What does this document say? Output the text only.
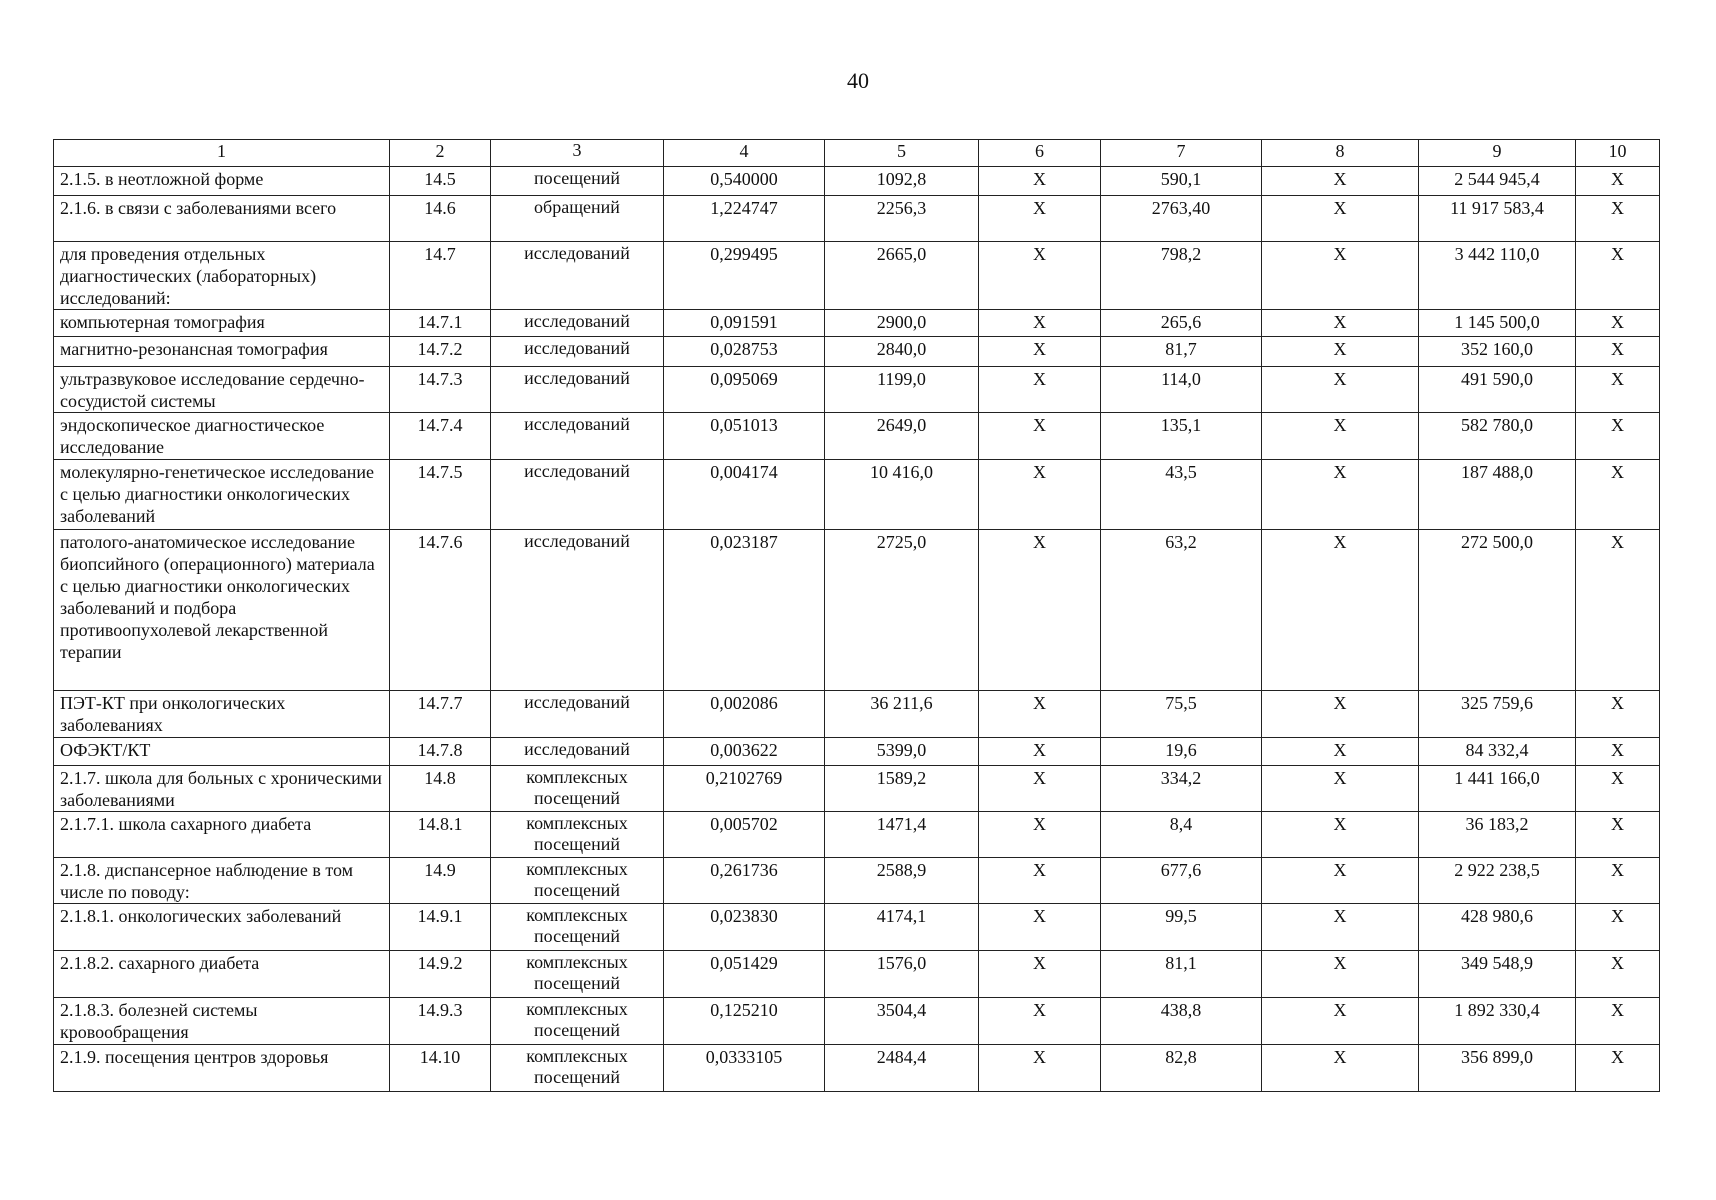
40
1	2	3	4	5	6	7	8	9	10
2.1.5. в неотложной форме	14.5	посещений	0,540000	1092,8	X	590,1	X	2 544 945,4	X
2.1.6. в связи с заболеваниями всего	14.6	обращений	1,224747	2256,3	X	2763,40	X	11 917 583,4	X
для проведения отдельных диагностических (лабораторных) исследований:	14.7	исследований	0,299495	2665,0	X	798,2	X	3 442 110,0	X
компьютерная томография	14.7.1	исследований	0,091591	2900,0	X	265,6	X	1 145 500,0	X
магнитно-резонансная томография	14.7.2	исследований	0,028753	2840,0	X	81,7	X	352 160,0	X
ультразвуковое исследование сердечно-сосудистой системы	14.7.3	исследований	0,095069	1199,0	X	114,0	X	491 590,0	X
эндоскопическое диагностическое исследование	14.7.4	исследований	0,051013	2649,0	X	135,1	X	582 780,0	X
молекулярно-генетическое исследование с целью диагностики онкологических заболеваний	14.7.5	исследований	0,004174	10 416,0	X	43,5	X	187 488,0	X
патолого-анатомическое исследование биопсийного (операционного) материала с целью диагностики онкологических заболеваний и подбора противоопухолевой лекарственной терапии	14.7.6	исследований	0,023187	2725,0	X	63,2	X	272 500,0	X
ПЭТ-КТ при онкологических заболеваниях	14.7.7	исследований	0,002086	36 211,6	X	75,5	X	325 759,6	X
ОФЭКТ/КТ	14.7.8	исследований	0,003622	5399,0	X	19,6	X	84 332,4	X
2.1.7. школа для больных с хроническими заболеваниями	14.8	комплексных посещений	0,2102769	1589,2	X	334,2	X	1 441 166,0	X
2.1.7.1. школа сахарного диабета	14.8.1	комплексных посещений	0,005702	1471,4	X	8,4	X	36 183,2	X
2.1.8. диспансерное наблюдение в том числе по поводу:	14.9	комплексных посещений	0,261736	2588,9	X	677,6	X	2 922 238,5	X
2.1.8.1. онкологических заболеваний	14.9.1	комплексных посещений	0,023830	4174,1	X	99,5	X	428 980,6	X
2.1.8.2. сахарного диабета	14.9.2	комплексных посещений	0,051429	1576,0	X	81,1	X	349 548,9	X
2.1.8.3. болезней системы кровообращения	14.9.3	комплексных посещений	0,125210	3504,4	X	438,8	X	1 892 330,4	X
2.1.9. посещения центров здоровья	14.10	комплексных посещений	0,0333105	2484,4	X	82,8	X	356 899,0	X
